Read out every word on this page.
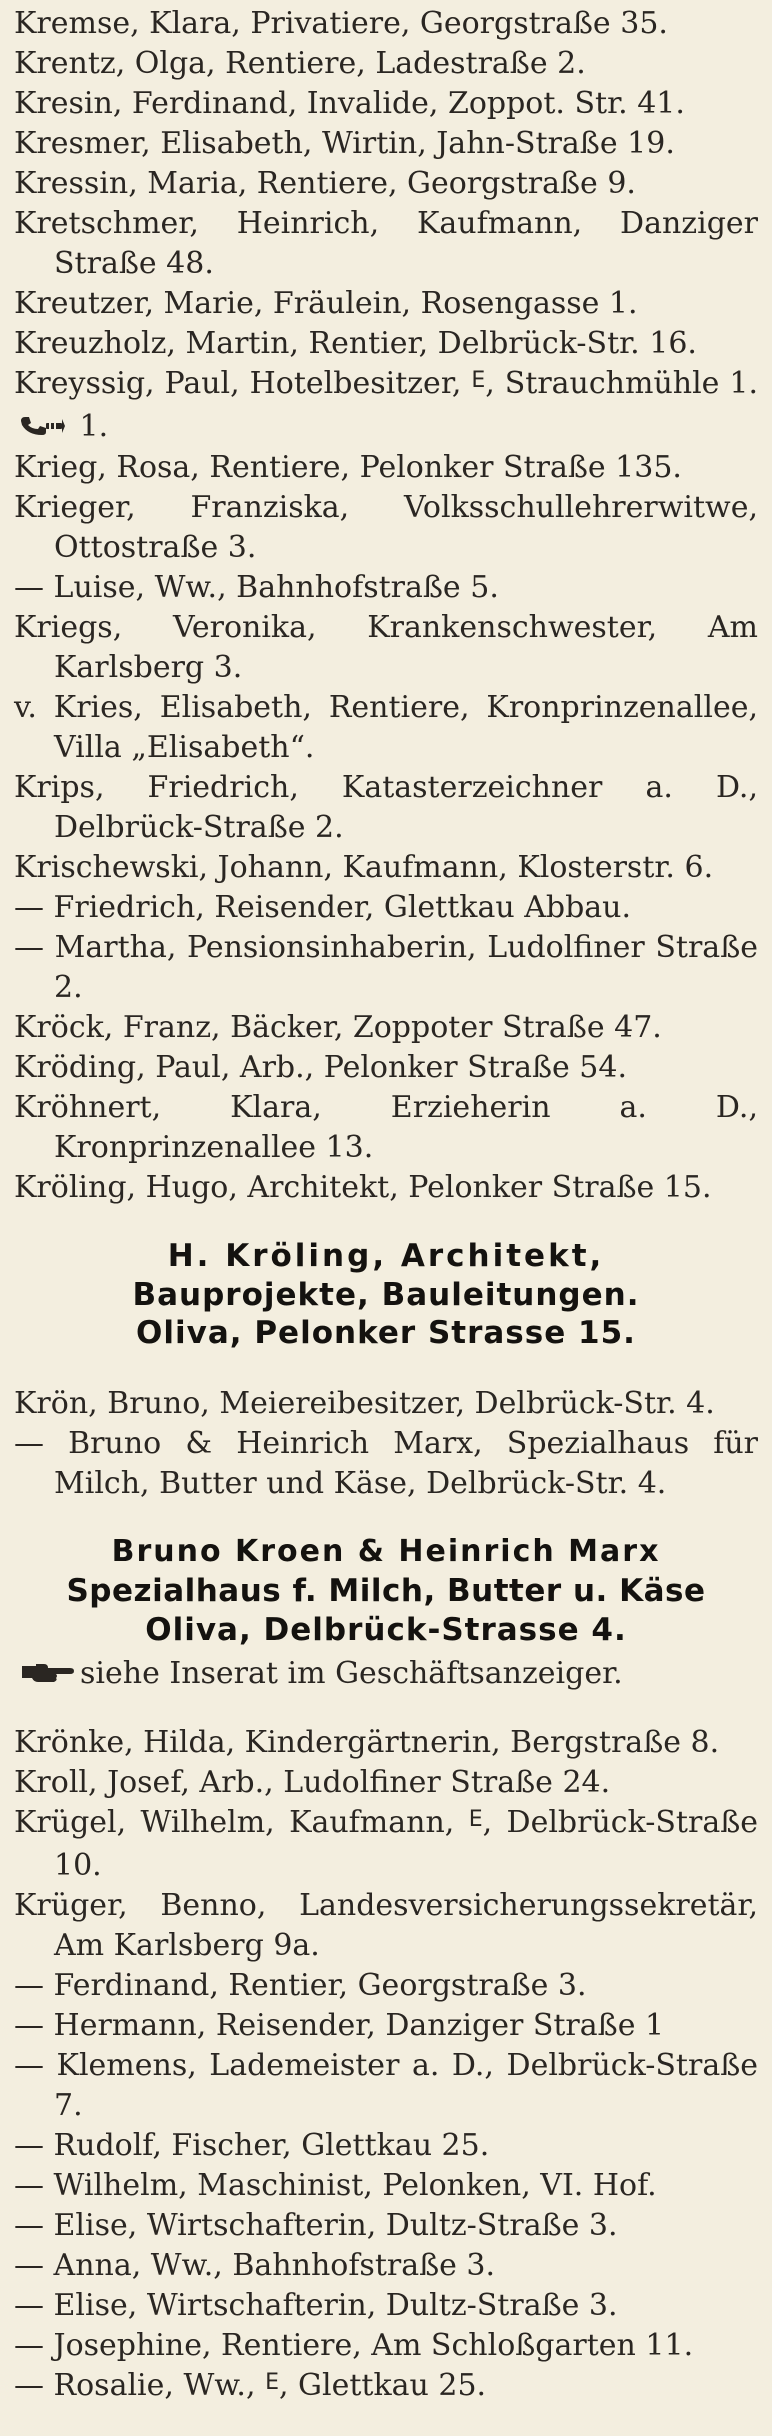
Kremse, Klara, Privatiere, Georgstraße 35.

Krentz, Olga, Rentiere, Ladestraße 2.

Kresin, Ferdinand, Invalide, Zoppot. Str. 41.

Kresmer, Elisabeth, Wirtin, Jahn-Straße 19.

Kressin, Maria, Rentiere, Georgstraße 9.

Kretschmer, Heinrich, Kaufmann, Danziger Straße 48.

Kreutzer, Marie, Fräulein, Rosengasse 1.

Kreuzholz, Martin, Rentier, Delbrück-Str. 16.

Kreyssig, Paul, Hotelbesitzer, $^E$, Strauchmühle 1.  1.

Krieg, Rosa, Rentiere, Pelonker Straße 135.

Krieger, Franziska, Volksschullehrerwitwe, Ottostraße 3.

— Luise, Ww., Bahnhofstraße 5.

Kriegs, Veronika, Krankenschwester, Am Karlsberg 3.

v. Kries, Elisabeth, Rentiere, Kronprinzenallee, Villa „Elisabeth“.

Krips, Friedrich, Katasterzeichner a. D., Delbrück-Straße 2.

Krischewski, Johann, Kaufmann, Klosterstr. 6.

— Friedrich, Reisender, Glettkau Abbau.

— Martha, Pensionsinhaberin, Ludolfiner Straße 2.

Kröck, Franz, Bäcker, Zoppoter Straße 47.

Kröding, Paul, Arb., Pelonker Straße 54.

Kröhnert, Klara, Erzieherin a. D., Kronprinzenallee 13.

Kröling, Hugo, Architekt, Pelonker Straße 15.

H. Kröling, Architekt,

Bauprojekte, Bauleitungen.

Oliva, Pelonker Strasse 15.

Krön, Bruno, Meiereibesitzer, Delbrück-Str. 4.

— Bruno & Heinrich Marx, Spezialhaus für Milch, Butter und Käse, Delbrück-Str. 4.

Bruno Kroen & Heinrich Marx

Spezialhaus f. Milch, Butter u. Käse

Oliva, Delbrück-Strasse 4.

siehe Inserat im Geschäftsanzeiger.

Krönke, Hilda, Kindergärtnerin, Bergstraße 8.

Kroll, Josef, Arb., Ludolfiner Straße 24.

Krügel, Wilhelm, Kaufmann, $^E$, Delbrück-Straße 10.

Krüger, Benno, Landesversicherungssekretär, Am Karlsberg 9a.

— Ferdinand, Rentier, Georgstraße 3.

— Hermann, Reisender, Danziger Straße 1

— Klemens, Lademeister a. D., Delbrück-Straße 7.

— Rudolf, Fischer, Glettkau 25.

— Wilhelm, Maschinist, Pelonken, VI. Hof.

— Elise, Wirtschafterin, Dultz-Straße 3.

— Anna, Ww., Bahnhofstraße 3.

— Elise, Wirtschafterin, Dultz-Straße 3.

— Josephine, Rentiere, Am Schloßgarten 11.

— Rosalie, Ww., $^E$, Glettkau 25.
